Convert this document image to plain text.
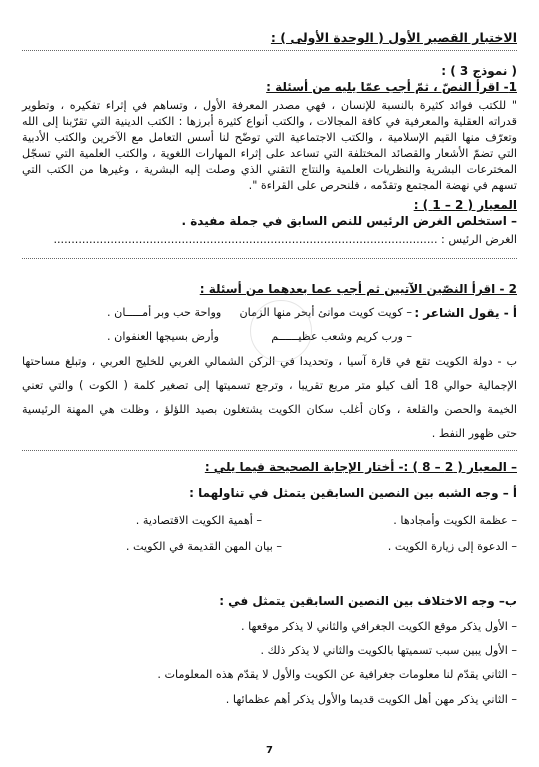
الاختبار القصير الأول ( الوحدة الأولى ) :
( نموذج 3 ) :
1- اقرأ النصّ ، ثمّ أجب عمّا يليه من أسئلة :
" للكتب فوائد كثيرة بالنسبة للإنسان ، فهي مصدر المعرفة الأول ، وتساهم في إثراء تفكيره ، وتطوير
قدراته العقلية والمعرفية في كافة المجالات ، والكتب أنواع كثيرة أبرزها : الكتب الدينية التي تقرّبنا إلى الله
وتعرّف منها القيم الإسلامية ، والكتب الاجتماعية التي توضّح لنا أسس التعامل مع الآخرين والكتب الأدبية
التي تضمّ الأشعار والقصائد المختلفة التي تساعد على إثراء المهارات اللغوية ، والكتب العلمية التي تسجّل
المخترعات البشرية والنظريات العلمية والنتاج التقني الذي وصلت إليه البشرية ، وغيرها من الكتب التي
تسهم في نهضة المجتمع وتقدّمه ، فلنحرص على القراءة ".
المعيار ( 2 – 1 ) :
– استخلص الغرض الرئيس للنص السابق في جملة مفيدة .
الغرض الرئيس : ............................................................................................................
2 - اقرأ النصّين الآتيين ثم أجب عما بعدهما من أسئلة :
أ - يقول الشاعر :
– كويت كويت موانئ أبحر منها الزمان
وواحة حب وبر أمـــــان .
– ورب كريم وشعب عظيــــــم
وأرض بسيجها العنفوان .
ب - دولة الكويت تقع في قارة آسيا ، وتحديدا في الركن الشمالي الغربي للخليج العربي ، وتبلغ مساحتها
الإجمالية حوالي 18 ألف كيلو متر مربع تقريبا ، وترجع تسميتها إلى تصغير كلمة ( الكوت ) والتي تعني
الخيمة والحصن والقلعة ، وكان أغلب سكان الكويت يشتغلون بصيد اللؤلؤ ، وظلت هي المهنة الرئيسية
حتى ظهور النفط .
– المعيار ( 2 – 8 ) :- أختار الإجابة الصحيحة فيما يلي :
أ – وجه الشبه بين النصين السابقين يتمثل في تناولهما :
– عظمة الكويت وأمجادها .
– أهمية الكويت الاقتصادية .
– الدعوة إلى زيارة الكويت .
– بيان المهن القديمة في الكويت .
ب– وجه الاختلاف بين النصين السابقين يتمثل في :
– الأول يذكر موقع الكويت الجغرافي والثاني لا يذكر موقعها .
– الأول يبين سبب تسميتها بالكويت والثاني لا يذكر ذلك .
– الثاني يقدّم لنا معلومات جغرافية عن الكويت والأول لا يقدّم هذه المعلومات .
– الثاني يذكر مهن أهل الكويت قديما والأول يذكر أهم عظمائها .
7
